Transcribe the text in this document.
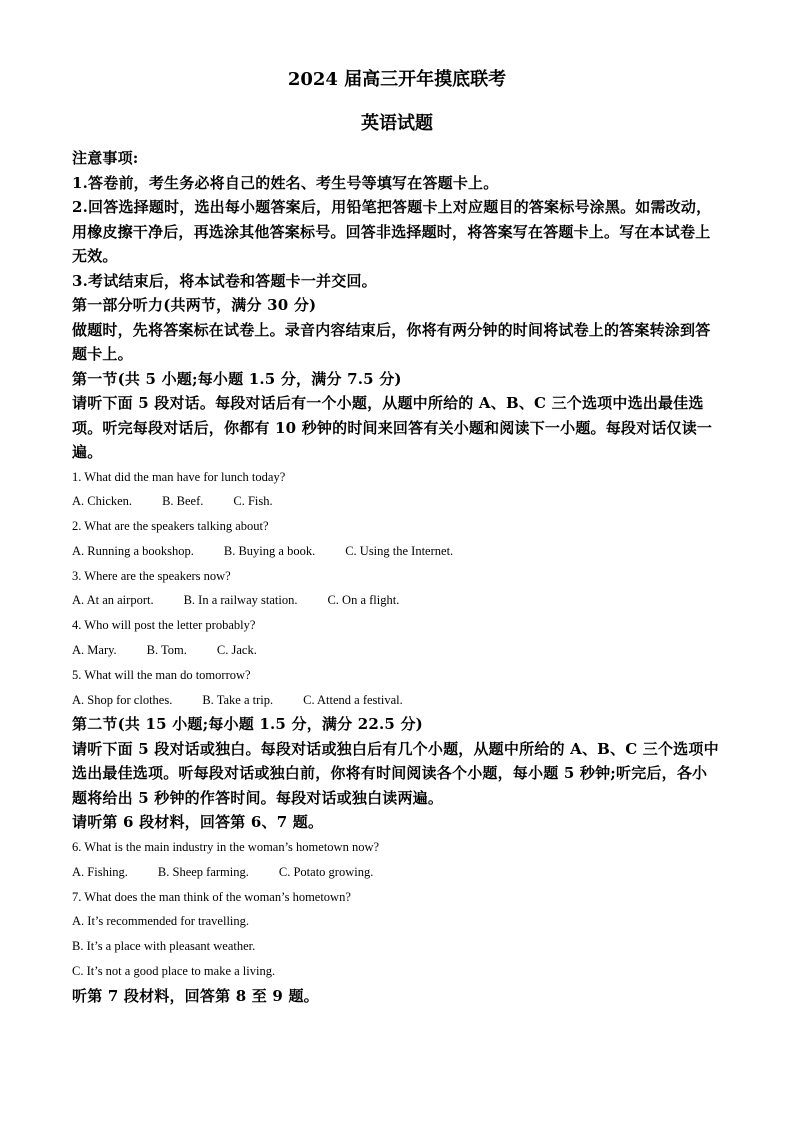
2024 届高三开年摸底联考
英语试题

注意事项:

1.答卷前，考生务必将自己的姓名、考生号等填写在答题卡上。

2.回答选择题时，选出每小题答案后，用铅笔把答题卡上对应题目的答案标号涂黑。如需改动，用橡皮擦干净后，再选涂其他答案标号。回答非选择题时，将答案写在答题卡上。写在本试卷上无效。

3.考试结束后，将本试卷和答题卡一并交回。

第一部分听力(共两节，满分 30 分)

做题时，先将答案标在试卷上。录音内容结束后，你将有两分钟的时间将试卷上的答案转涂到答题卡上。

第一节(共 5 小题;每小题 1.5 分，满分 7.5 分)

请听下面 5 段对话。每段对话后有一个小题，从题中所给的 A、B、C 三个选项中选出最佳选项。听完每段对话后，你都有 10 秒钟的时间来回答有关小题和阅读下一小题。每段对话仅读一遍。

1. What did the man have for lunch today?

A. Chicken. B. Beef. C. Fish.

2. What are the speakers talking about?

A. Running a bookshop. B. Buying a book. C. Using the Internet.

3. Where are the speakers now?

A. At an airport. B. In a railway station. C. On a flight.

4. Who will post the letter probably?

A. Mary. B. Tom. C. Jack.

5. What will the man do tomorrow?

A. Shop for clothes. B. Take a trip. C. Attend a festival.

第二节(共 15 小题;每小题 1.5 分，满分 22.5 分)

请听下面 5 段对话或独白。每段对话或独白后有几个小题，从题中所给的 A、B、C 三个选项中选出最佳选项。听每段对话或独白前，你将有时间阅读各个小题，每小题 5 秒钟;听完后，各小题将给出 5 秒钟的作答时间。每段对话或独白读两遍。

请听第 6 段材料，回答第 6、7 题。

6. What is the main industry in the woman’s hometown now?

A. Fishing. B. Sheep farming. C. Potato growing.

7. What does the man think of the woman’s hometown?

A. It’s recommended for travelling.

B. It’s a place with pleasant weather.

C. It’s not a good place to make a living.

听第 7 段材料，回答第 8 至 9 题。
